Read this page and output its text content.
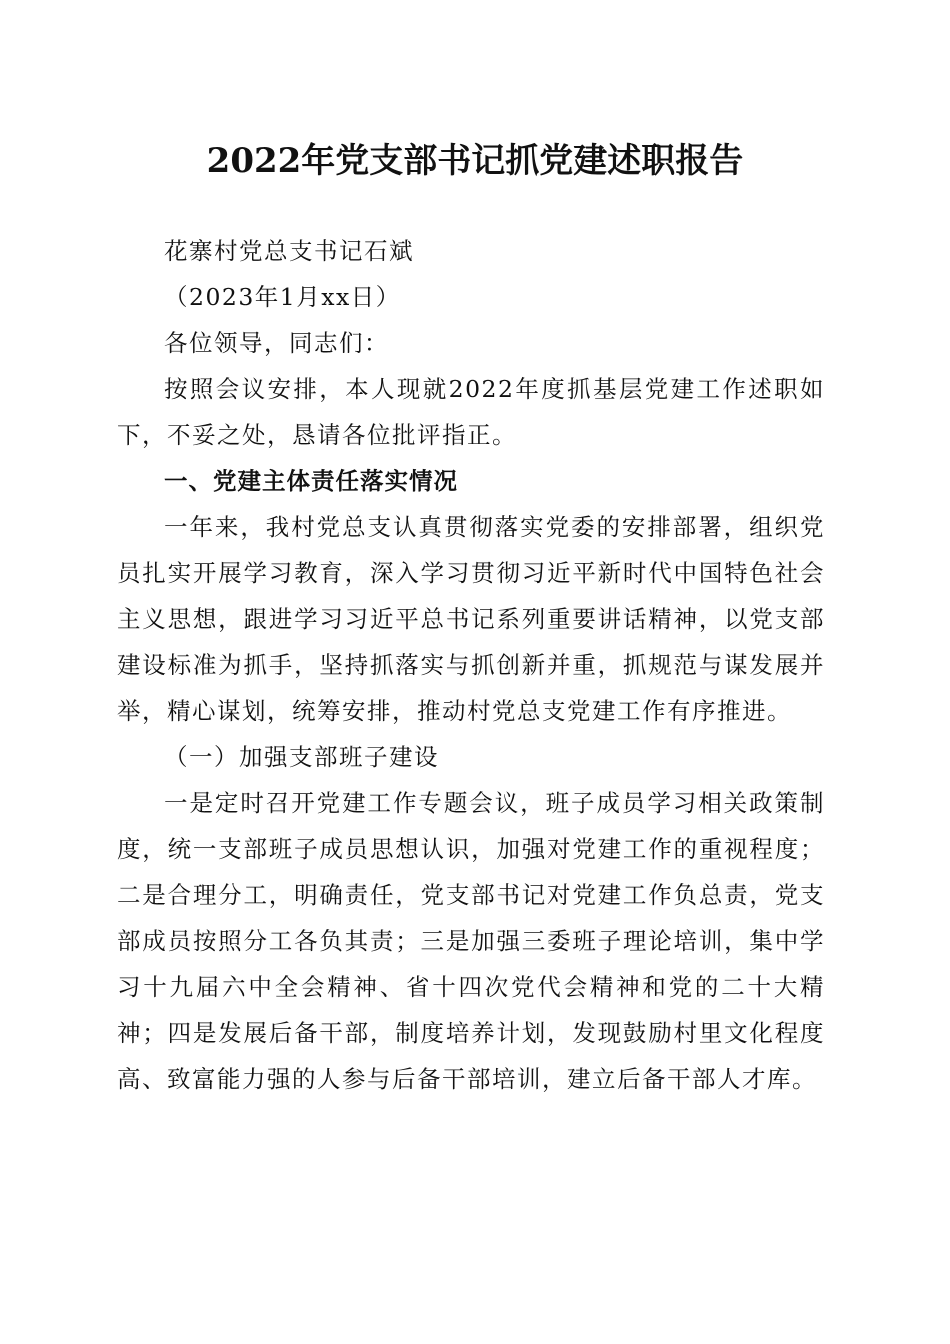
2022年党支部书记抓党建述职报告

花寨村党总支书记石斌

（2023年1月xx日）

各位领导，同志们：

按照会议安排，本人现就2022年度抓基层党建工作述职如下，不妥之处，恳请各位批评指正。

一、党建主体责任落实情况

一年来，我村党总支认真贯彻落实党委的安排部署，组织党员扎实开展学习教育，深入学习贯彻习近平新时代中国特色社会主义思想，跟进学习习近平总书记系列重要讲话精神，以党支部建设标准为抓手，坚持抓落实与抓创新并重，抓规范与谋发展并举，精心谋划，统筹安排，推动村党总支党建工作有序推进。

（一）加强支部班子建设

一是定时召开党建工作专题会议，班子成员学习相关政策制度，统一支部班子成员思想认识，加强对党建工作的重视程度；二是合理分工，明确责任，党支部书记对党建工作负总责，党支部成员按照分工各负其责；三是加强三委班子理论培训，集中学习十九届六中全会精神、省十四次党代会精神和党的二十大精神；四是发展后备干部，制度培养计划，发现鼓励村里文化程度高、致富能力强的人参与后备干部培训，建立后备干部人才库。
